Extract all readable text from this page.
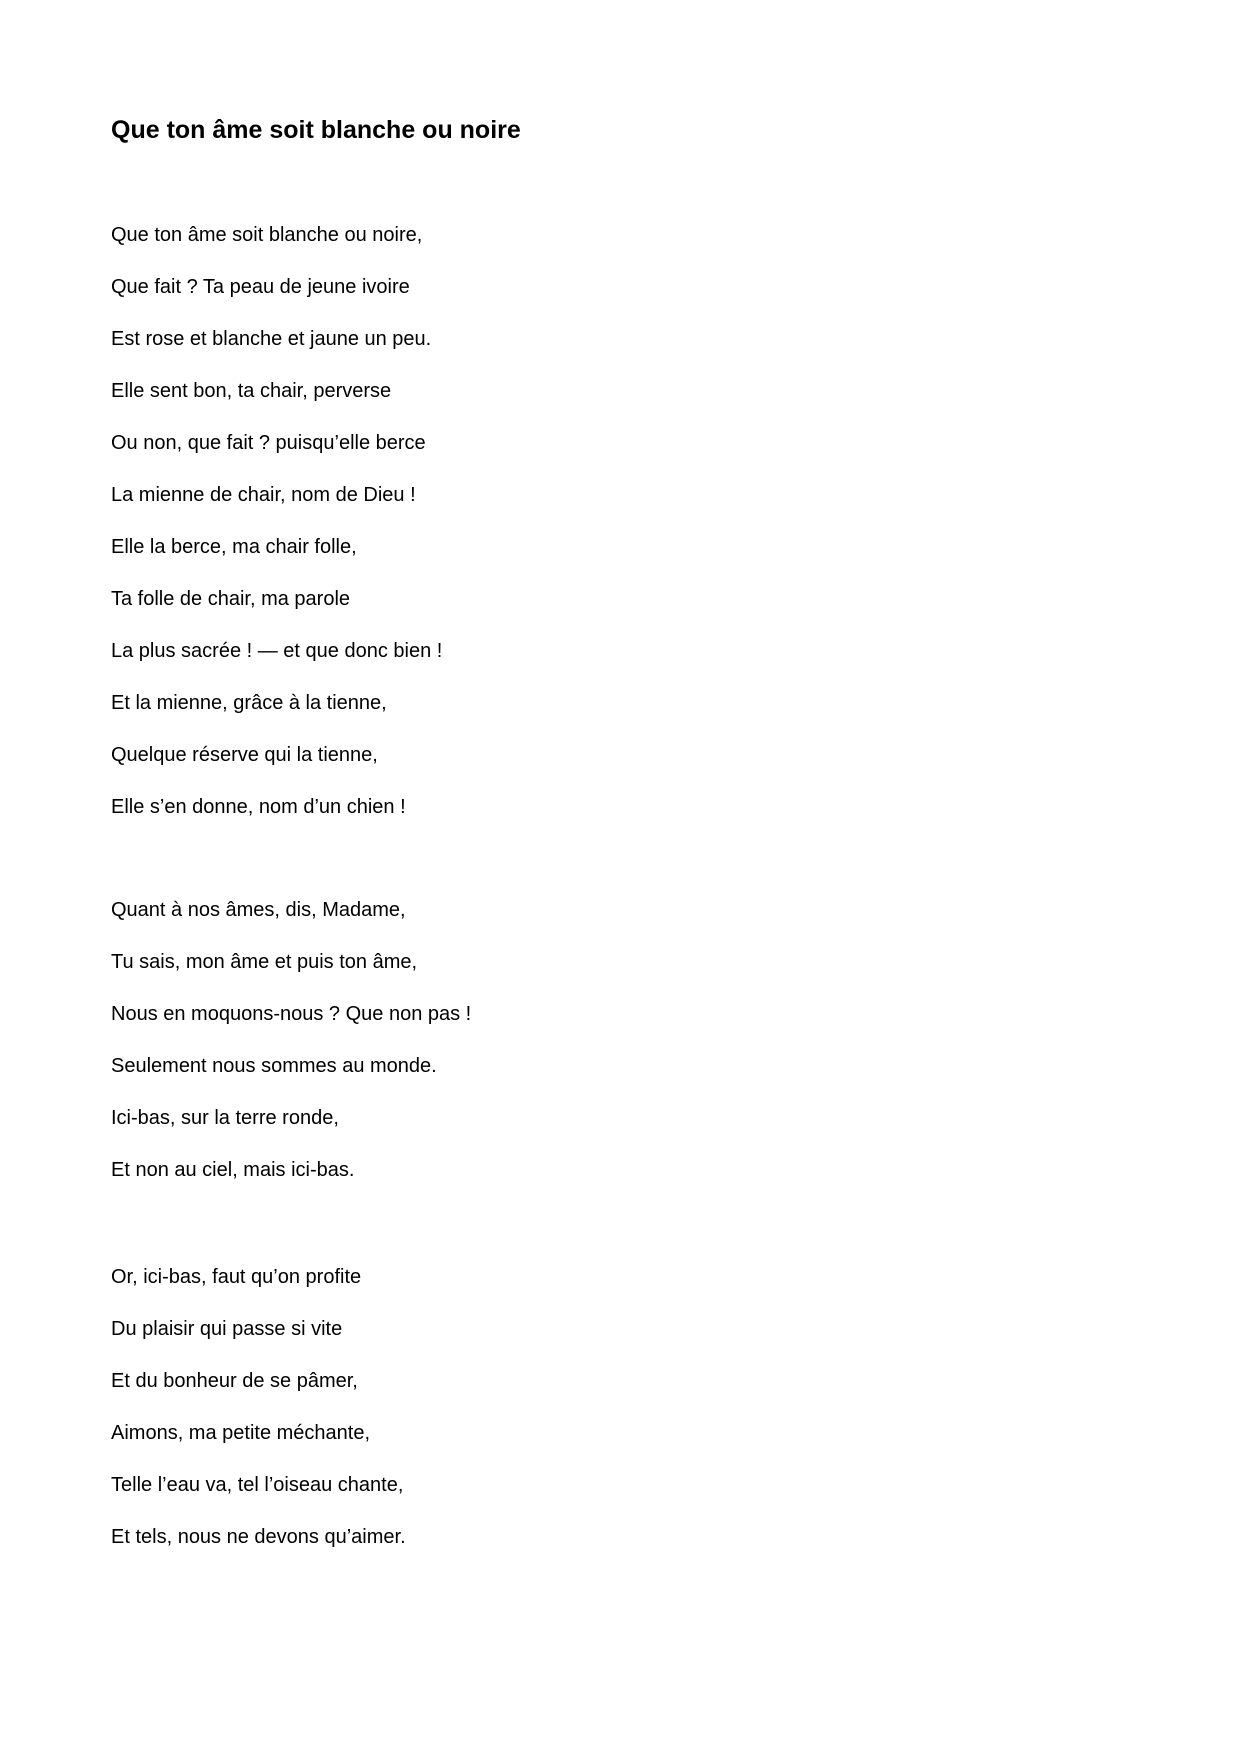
Que ton âme soit blanche ou noire
Que ton âme soit blanche ou noire,
Que fait ? Ta peau de jeune ivoire
Est rose et blanche et jaune un peu.
Elle sent bon, ta chair, perverse
Ou non, que fait ? puisqu’elle berce
La mienne de chair, nom de Dieu !
Elle la berce, ma chair folle,
Ta folle de chair, ma parole
La plus sacrée ! — et que donc bien !
Et la mienne, grâce à la tienne,
Quelque réserve qui la tienne,
Elle s’en donne, nom d’un chien !
Quant à nos âmes, dis, Madame,
Tu sais, mon âme et puis ton âme,
Nous en moquons-nous ? Que non pas !
Seulement nous sommes au monde.
Ici-bas, sur la terre ronde,
Et non au ciel, mais ici-bas.
Or, ici-bas, faut qu’on profite
Du plaisir qui passe si vite
Et du bonheur de se pâmer,
Aimons, ma petite méchante,
Telle l’eau va, tel l’oiseau chante,
Et tels, nous ne devons qu’aimer.
